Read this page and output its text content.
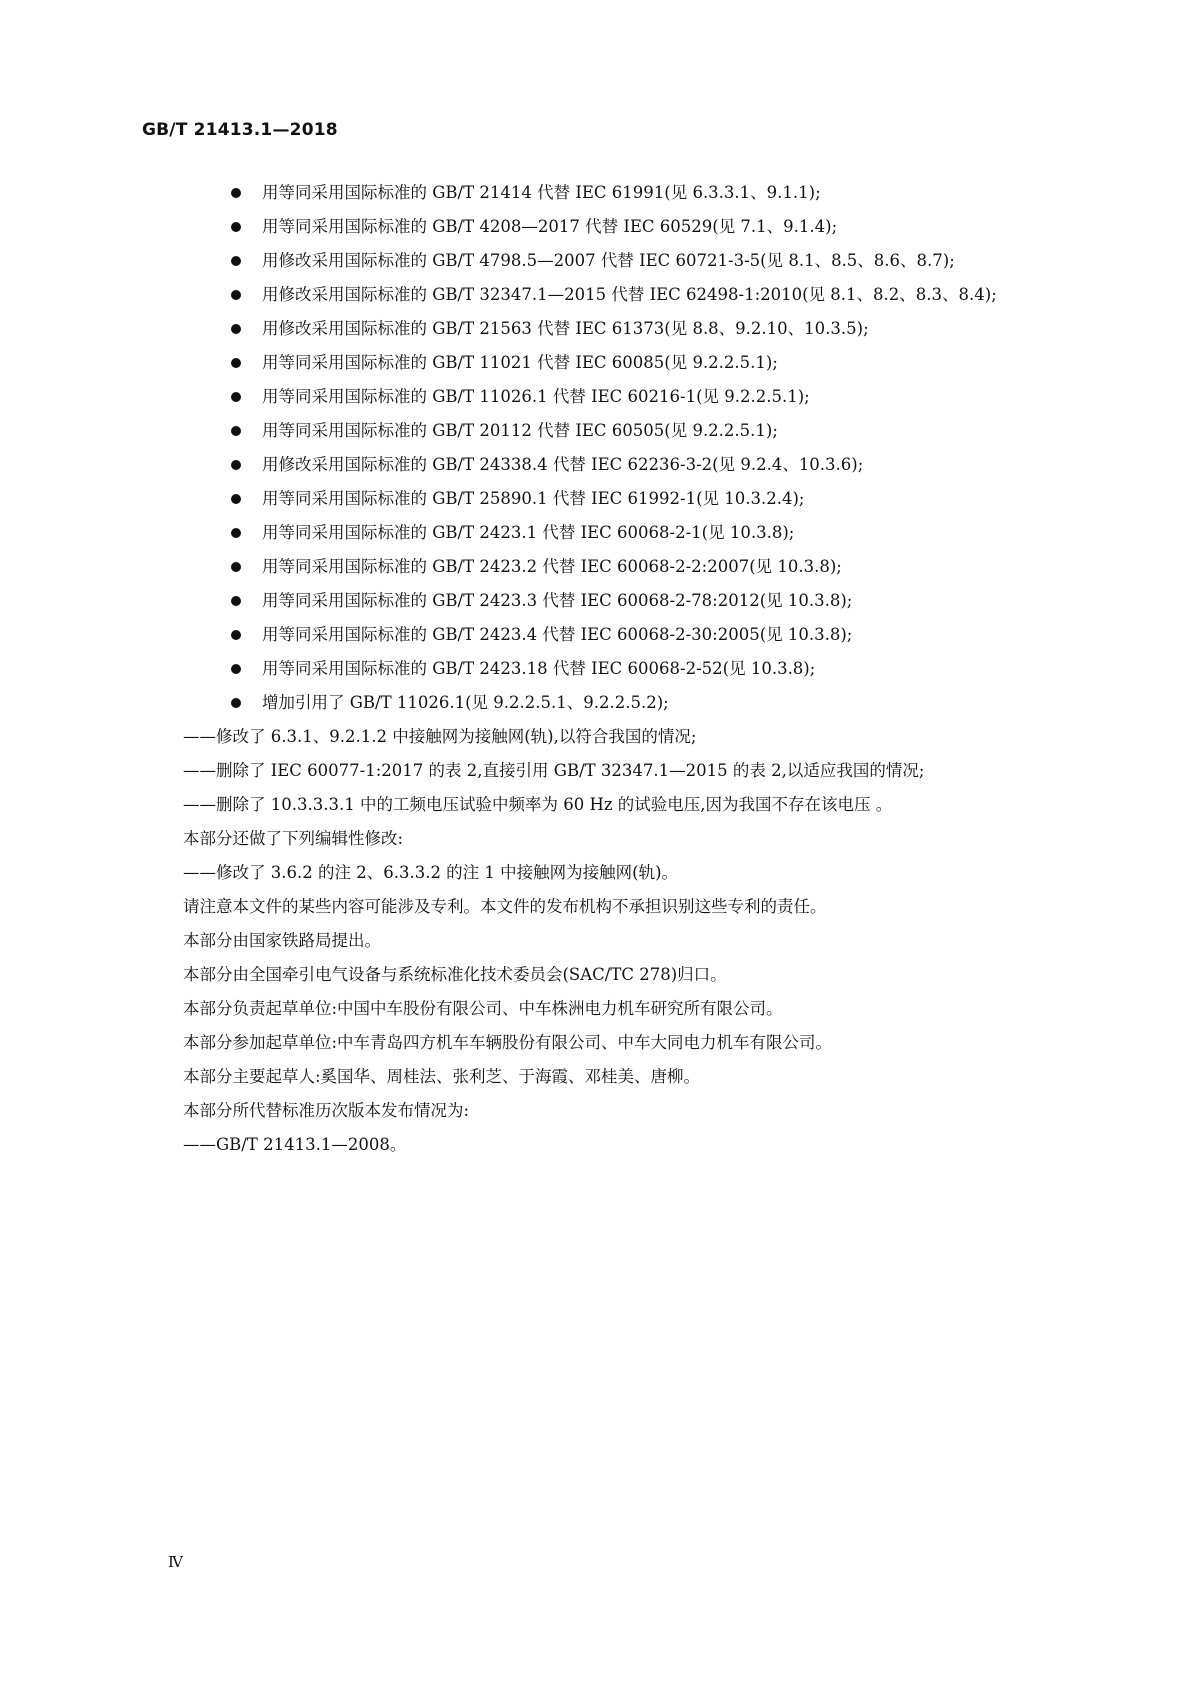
GB/T 21413.1—2018
用等同采用国际标准的 GB/T 21414 代替 IEC 61991(见 6.3.3.1、9.1.1);
用等同采用国际标准的 GB/T 4208—2017 代替 IEC 60529(见 7.1、9.1.4);
用修改采用国际标准的 GB/T 4798.5—2007 代替 IEC 60721-3-5(见 8.1、8.5、8.6、8.7);
用修改采用国际标准的 GB/T 32347.1—2015 代替 IEC 62498-1:2010(见 8.1、8.2、8.3、8.4);
用修改采用国际标准的 GB/T 21563 代替 IEC 61373(见 8.8、9.2.10、10.3.5);
用等同采用国际标准的 GB/T 11021 代替 IEC 60085(见 9.2.2.5.1);
用等同采用国际标准的 GB/T 11026.1 代替 IEC 60216-1(见 9.2.2.5.1);
用等同采用国际标准的 GB/T 20112 代替 IEC 60505(见 9.2.2.5.1);
用修改采用国际标准的 GB/T 24338.4 代替 IEC 62236-3-2(见 9.2.4、10.3.6);
用等同采用国际标准的 GB/T 25890.1 代替 IEC 61992-1(见 10.3.2.4);
用等同采用国际标准的 GB/T 2423.1 代替 IEC 60068-2-1(见 10.3.8);
用等同采用国际标准的 GB/T 2423.2 代替 IEC 60068-2-2:2007(见 10.3.8);
用等同采用国际标准的 GB/T 2423.3 代替 IEC 60068-2-78:2012(见 10.3.8);
用等同采用国际标准的 GB/T 2423.4 代替 IEC 60068-2-30:2005(见 10.3.8);
用等同采用国际标准的 GB/T 2423.18 代替 IEC 60068-2-52(见 10.3.8);
增加引用了 GB/T 11026.1(见 9.2.2.5.1、9.2.2.5.2);
——修改了 6.3.1、9.2.1.2 中接触网为接触网(轨),以符合我国的情况;
——删除了 IEC 60077-1:2017 的表 2,直接引用 GB/T 32347.1—2015 的表 2,以适应我国的情况;
——删除了 10.3.3.3.1 中的工频电压试验中频率为 60 Hz 的试验电压,因为我国不存在该电压 。
本部分还做了下列编辑性修改:
——修改了 3.6.2 的注 2、6.3.3.2 的注 1 中接触网为接触网(轨)。
请注意本文件的某些内容可能涉及专利。本文件的发布机构不承担识别这些专利的责任。
本部分由国家铁路局提出。
本部分由全国牵引电气设备与系统标准化技术委员会(SAC/TC 278)归口。
本部分负责起草单位:中国中车股份有限公司、中车株洲电力机车研究所有限公司。
本部分参加起草单位:中车青岛四方机车车辆股份有限公司、中车大同电力机车有限公司。
本部分主要起草人:奚国华、周桂法、张利芝、于海霞、邓桂美、唐柳。
本部分所代替标准历次版本发布情况为:
——GB/T 21413.1—2008。
Ⅳ
